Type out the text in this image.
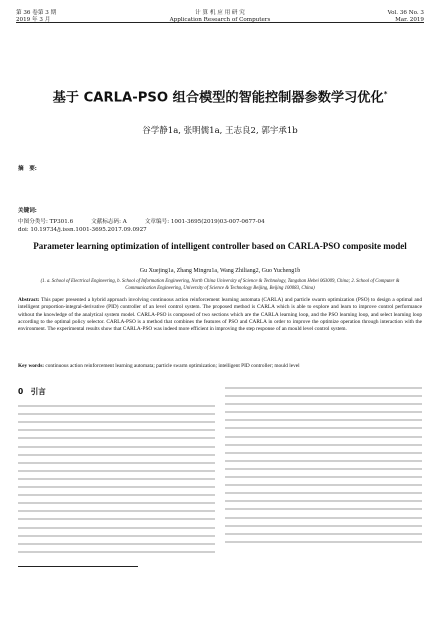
第 36 卷第 3 期
2019 年 3 月
计 算 机 应 用 研 究
Application Research of Computers
Vol. 36 No. 3
Mar. 2019
基于 CARLA-PSO 组合模型的智能控制器参数学习优化*
谷学静1a, 张明儒1a, 王志良2, 郭宇承1b
摘　要:
关键词:
中图分类号: TP301.6	文献标志码: A	文章编号: 1001-3695(2019)03-007-0677-04
doi: 10.19734/j.issn.1001-3695.2017.09.0927
Parameter learning optimization of intelligent controller based on CARLA-PSO composite model
Gu Xuejing1a, Zhang Mingru1a, Wang Zhiliang2, Guo Yucheng1b
(1. a. School of Electrical Engineering, b. School of Information Engineering, North China University of Science & Technology, Tangshan Hebei 063009, China; 2. School of Computer & Communication Engineering, University of Science & Technology Beijing, Beijing 100083, China)
Abstract: This paper presented a hybrid approach involving continuous action reinforcement learning automata (CARLA) and particle swarm optimization (PSO) to design a optimal and intelligent proportion-integral-derivative (PID) controller of an level control system. The proposed method is CARLA which is able to explore and learn to improve control performance without the knowledge of the analytical system model. CARLA-PSO is composed of two sections which are the CARLA learning loop, and the PSO learning loop, and select learning loop according to the optimal policy selector. CARLA-PSO is a method that combines the features of PSO and CARLA in order to improve the optimize operation through interaction with the environment. The experimental results show that CARLA-PSO was indeed more efficient in improving the step response of an mould level control system.
Key words: continuous action reinforcement learning automata; particle swarm optimization; intelligent PID controller; mould level
0　引言
